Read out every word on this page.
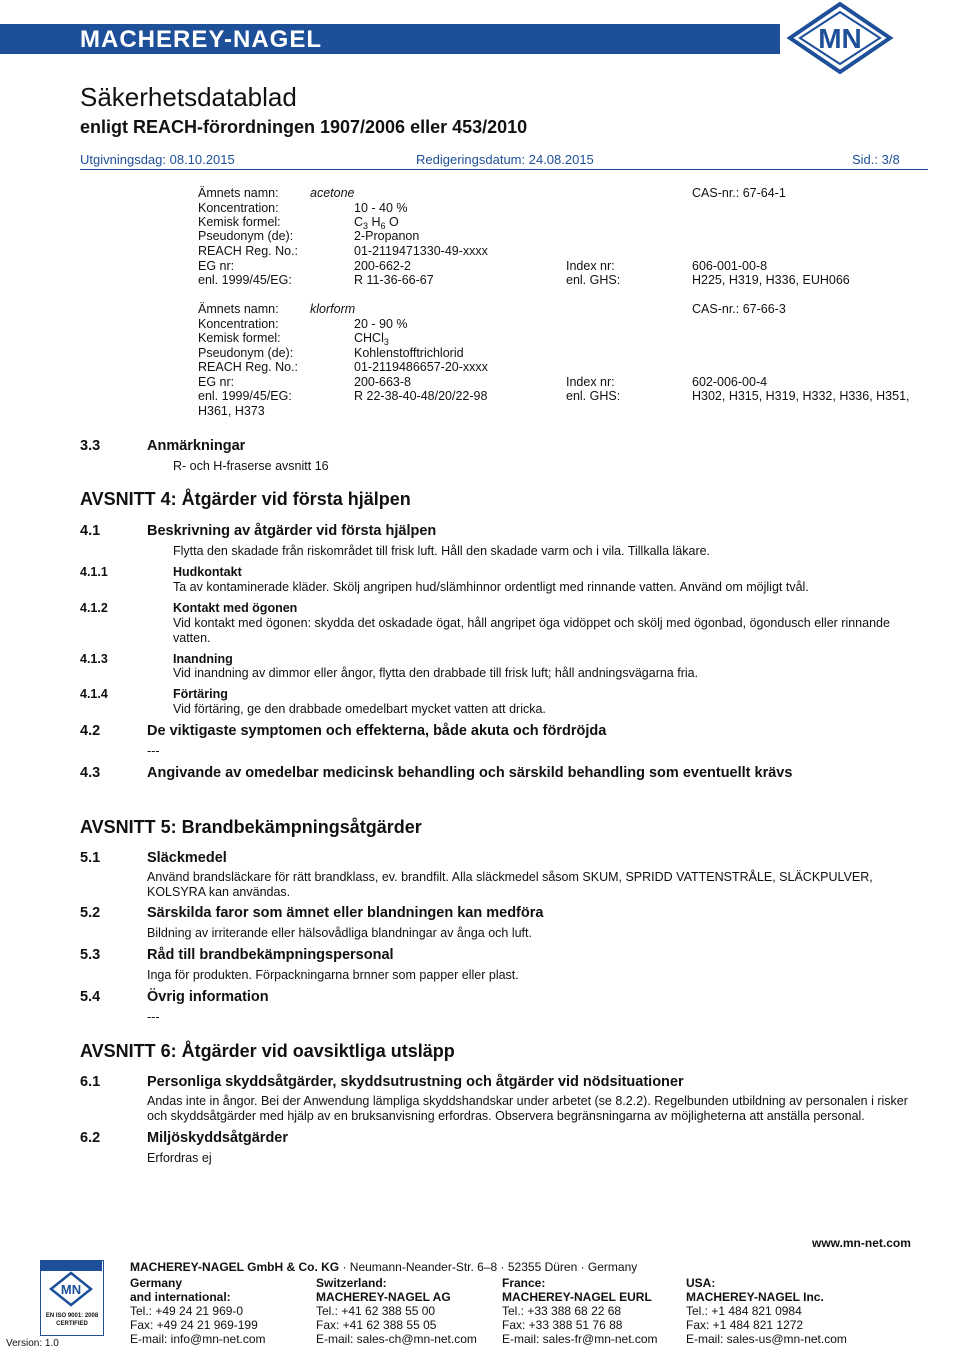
MACHEREY-NAGEL	MN
Säkerhetsdatablad
enligt REACH-förordningen 1907/2006 eller 453/2010
Utgivningsdag: 08.10.2015	Redigeringsdatum: 24.08.2015	Sid.: 3/8
Ämnets namn:	acetone	CAS-nr.: 67-64-1
Koncentration:	10 - 40 %
Kemisk formel:	$C_3$ $H_6$ O
Pseudonym (de):	2-Propanon
REACH Reg. No.:	01-2119471330-49-xxxx
EG nr:	200-662-2	Index nr:	606-001-00-8
enl. 1999/45/EG:	R 11-36-66-67	enl. GHS:	H225, H319, H336, EUH066
Ämnets namn:	klorform	CAS-nr.: 67-66-3
Koncentration:	20 - 90 %
Kemisk formel:	CHCl$_3$
Pseudonym (de):	Kohlenstofftrichlorid
REACH Reg. No.:	01-2119486657-20-xxxx
EG nr:	200-663-8	Index nr:	602-006-00-4
enl. 1999/45/EG:	R 22-38-40-48/20/22-98	enl. GHS:	H302, H315, H319, H332, H336, H351,
H361, H373
3.3	Anmärkningar
R- och H-fraserse avsnitt 16
AVSNITT 4: Åtgärder vid första hjälpen
4.1	Beskrivning av åtgärder vid första hjälpen
Flytta den skadade från riskområdet till frisk luft. Håll den skadade varm och i vila. Tillkalla läkare.
4.1.1	Hudkontakt
Ta av kontaminerade kläder. Skölj angripen hud/slämhinnor ordentligt med rinnande vatten. Använd om möjligt tvål.
4.1.2	Kontakt med ögonen
Vid kontakt med ögonen: skydda det oskadade ögat, håll angripet öga vidöppet och skölj med ögonbad, ögondusch eller rinnande vatten.
4.1.3	Inandning
Vid inandning av dimmor eller ångor, flytta den drabbade till frisk luft; håll andningsvägarna fria.
4.1.4	Förtäring
Vid förtäring, ge den drabbade omedelbart mycket vatten att dricka.
4.2	De viktigaste symptomen och effekterna, både akuta och fördröjda
---
4.3	Angivande av omedelbar medicinsk behandling och särskild behandling som eventuellt krävs
AVSNITT 5: Brandbekämpningsåtgärder
5.1	Släckmedel
Använd brandsläckare för rätt brandklass, ev. brandfilt. Alla släckmedel såsom SKUM, SPRIDD VATTENSTRÅLE, SLÄCKPULVER, KOLSYRA kan användas.
5.2	Särskilda faror som ämnet eller blandningen kan medföra
Bildning av irriterande eller hälsovådliga blandningar av ånga och luft.
5.3	Råd till brandbekämpningspersonal
Inga för produkten. Förpackningarna brnner som papper eller plast.
5.4	Övrig information
---
AVSNITT 6: Åtgärder vid oavsiktliga utsläpp
6.1	Personliga skyddsåtgärder, skyddsutrustning och åtgärder vid nödsituationer
Andas inte in ångor. Bei der Anwendung lämpliga skyddshandskar under arbetet (se 8.2.2). Regelbunden utbildning av personalen i risker och skyddsåtgärder med hjälp av en bruksanvisning erfordras. Observera begränsningarna av möjligheterna att anställa personal.
6.2	Miljöskyddsåtgärder
Erfordras ej
www.mn-net.com
MACHEREY-NAGEL GmbH & Co. KG · Neumann-Neander-Str. 6–8 · 52355 Düren · Germany
MN
EN ISO 9001: 2008
CERTIFIED
Germany
and international:
Tel.: +49 24 21 969-0
Fax: +49 24 21 969-199
E-mail: info@mn-net.com
Switzerland:
MACHEREY-NAGEL AG
Tel.: +41 62 388 55 00
Fax: +41 62 388 55 05
E-mail: sales-ch@mn-net.com
France:
MACHEREY-NAGEL EURL
Tel.: +33 388 68 22 68
Fax: +33 388 51 76 88
E-mail: sales-fr@mn-net.com
USA:
MACHEREY-NAGEL Inc.
Tel.: +1 484 821 0984
Fax: +1 484 821 1272
E-mail: sales-us@mn-net.com
Version: 1.0
